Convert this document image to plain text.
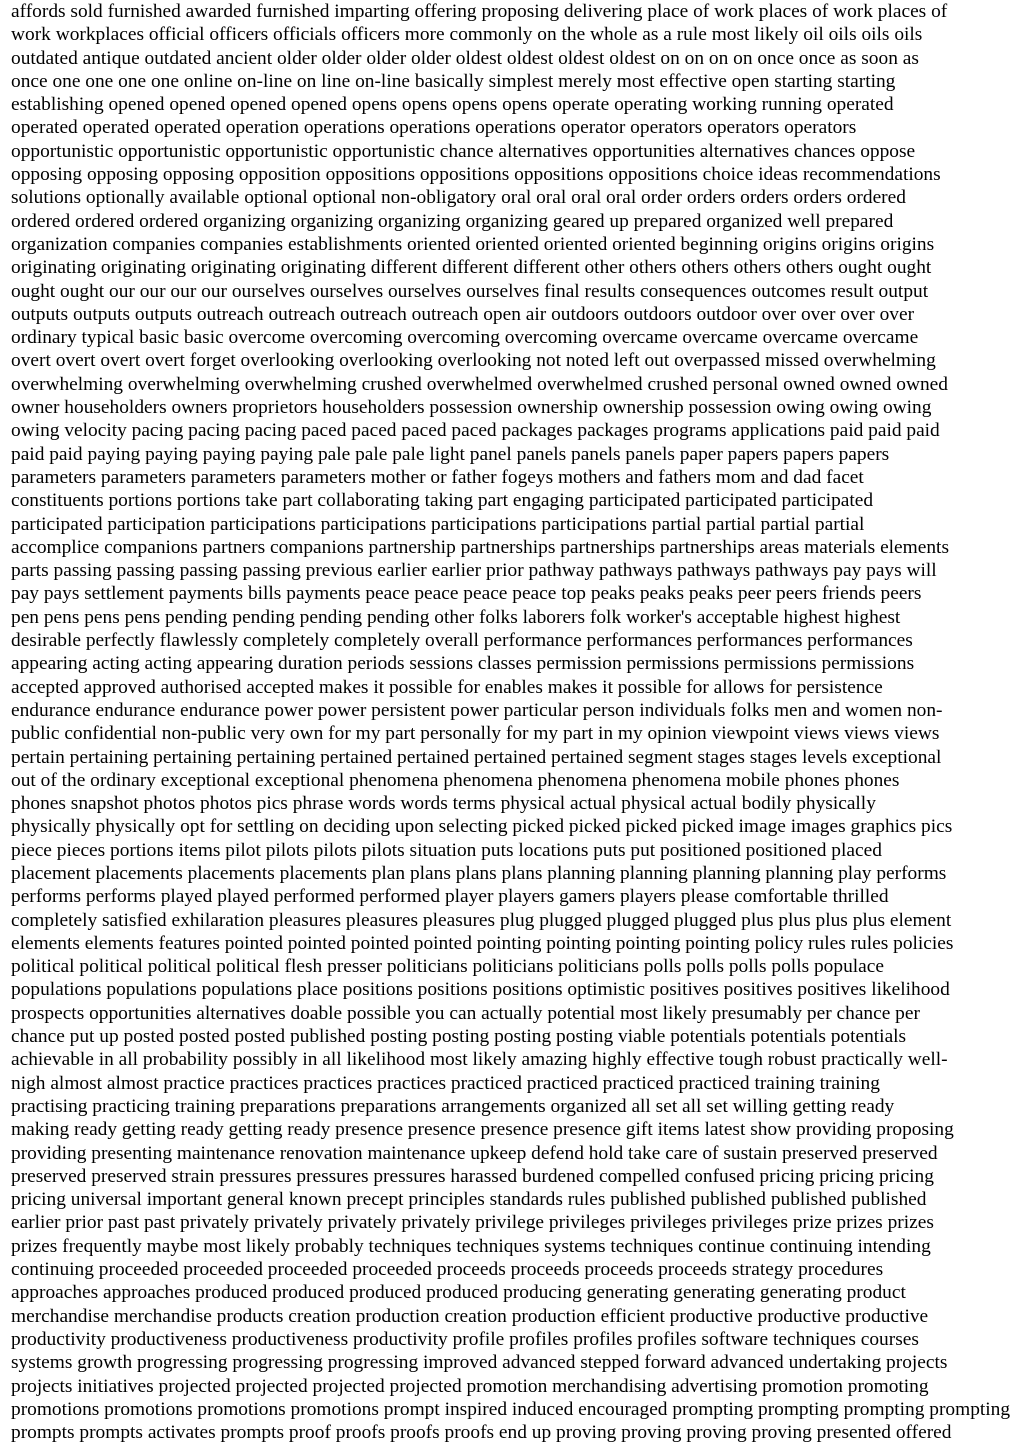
affords sold furnished awarded furnished imparting offering proposing delivering place of work places of work places of
work workplaces official officers officials officers more commonly on the whole as a rule most likely oil oils oils oils
outdated antique outdated ancient older older older older oldest oldest oldest oldest on on on on once once as soon as
once one one one one online on-line on line on-line basically simplest merely most effective open starting starting
establishing opened opened opened opened opens opens opens opens operate operating working running operated
operated operated operated operation operations operations operations operator operators operators operators
opportunistic opportunistic opportunistic opportunistic chance alternatives opportunities alternatives chances oppose
opposing opposing opposing opposition oppositions oppositions oppositions oppositions choice ideas recommendations
solutions optionally available optional optional non-obligatory oral oral oral oral order orders orders orders ordered
ordered ordered ordered organizing organizing organizing organizing geared up prepared organized well prepared
organization companies companies establishments oriented oriented oriented oriented beginning origins origins origins
originating originating originating originating different different different other others others others others ought ought
ought ought our our our our ourselves ourselves ourselves ourselves final results consequences outcomes result output
outputs outputs outputs outreach outreach outreach outreach open air outdoors outdoors outdoor over over over over
ordinary typical basic basic overcome overcoming overcoming overcoming overcame overcame overcame overcame
overt overt overt overt forget overlooking overlooking overlooking not noted left out overpassed missed overwhelming
overwhelming overwhelming overwhelming crushed overwhelmed overwhelmed crushed personal owned owned owned
owner householders owners proprietors householders possession ownership ownership possession owing owing owing
owing velocity pacing pacing pacing paced paced paced paced packages packages programs applications paid paid paid
paid paid paying paying paying paying pale pale pale light panel panels panels panels paper papers papers papers
parameters parameters parameters parameters mother or father fogeys mothers and fathers mom and dad facet
constituents portions portions take part collaborating taking part engaging participated participated participated
participated participation participations participations participations participations partial partial partial partial
accomplice companions partners companions partnership partnerships partnerships partnerships areas materials elements
parts passing passing passing passing previous earlier earlier prior pathway pathways pathways pathways pay pays will
pay pays settlement payments bills payments peace peace peace peace top peaks peaks peaks peer peers friends peers
pen pens pens pens pending pending pending pending other folks laborers folk worker's acceptable highest highest
desirable perfectly flawlessly completely completely overall performance performances performances performances
appearing acting acting appearing duration periods sessions classes permission permissions permissions permissions
accepted approved authorised accepted makes it possible for enables makes it possible for allows for persistence
endurance endurance endurance power power persistent power particular person individuals folks men and women non-
public confidential non-public very own for my part personally for my part in my opinion viewpoint views views views
pertain pertaining pertaining pertaining pertained pertained pertained pertained segment stages stages levels exceptional
out of the ordinary exceptional exceptional phenomena phenomena phenomena phenomena mobile phones phones
phones snapshot photos photos pics phrase words words terms physical actual physical actual bodily physically
physically physically opt for settling on deciding upon selecting picked picked picked picked image images graphics pics
piece pieces portions items pilot pilots pilots pilots situation puts locations puts put positioned positioned placed
placement placements placements placements plan plans plans plans planning planning planning planning play performs
performs performs played played performed performed player players gamers players please comfortable thrilled
completely satisfied exhilaration pleasures pleasures pleasures plug plugged plugged plugged plus plus plus plus element
elements elements features pointed pointed pointed pointed pointing pointing pointing pointing policy rules rules policies
political political political political flesh presser politicians politicians politicians polls polls polls polls populace
populations populations populations place positions positions positions optimistic positives positives positives likelihood
prospects opportunities alternatives doable possible you can actually potential most likely presumably per chance per
chance put up posted posted posted published posting posting posting posting viable potentials potentials potentials
achievable in all probability possibly in all likelihood most likely amazing highly effective tough robust practically well-
nigh almost almost practice practices practices practices practiced practiced practiced practiced training training
practising practicing training preparations preparations arrangements organized all set all set willing getting ready
making ready getting ready getting ready presence presence presence presence gift items latest show providing proposing
providing presenting maintenance renovation maintenance upkeep defend hold take care of sustain preserved preserved
preserved preserved strain pressures pressures pressures harassed burdened compelled confused pricing pricing pricing
pricing universal important general known precept principles standards rules published published published published
earlier prior past past privately privately privately privately privilege privileges privileges privileges prize prizes prizes
prizes frequently maybe most likely probably techniques techniques systems techniques continue continuing intending
continuing proceeded proceeded proceeded proceeded proceeds proceeds proceeds proceeds strategy procedures
approaches approaches produced produced produced produced producing generating generating generating product
merchandise merchandise products creation production creation production efficient productive productive productive
productivity productiveness productiveness productivity profile profiles profiles profiles software techniques courses
systems growth progressing progressing progressing improved advanced stepped forward advanced undertaking projects
projects initiatives projected projected projected projected promotion merchandising advertising promotion promoting
promotions promotions promotions promotions prompt inspired induced encouraged prompting prompting prompting prompting
prompts prompts activates prompts proof proofs proofs proofs end up proving proving proving proving presented offered
